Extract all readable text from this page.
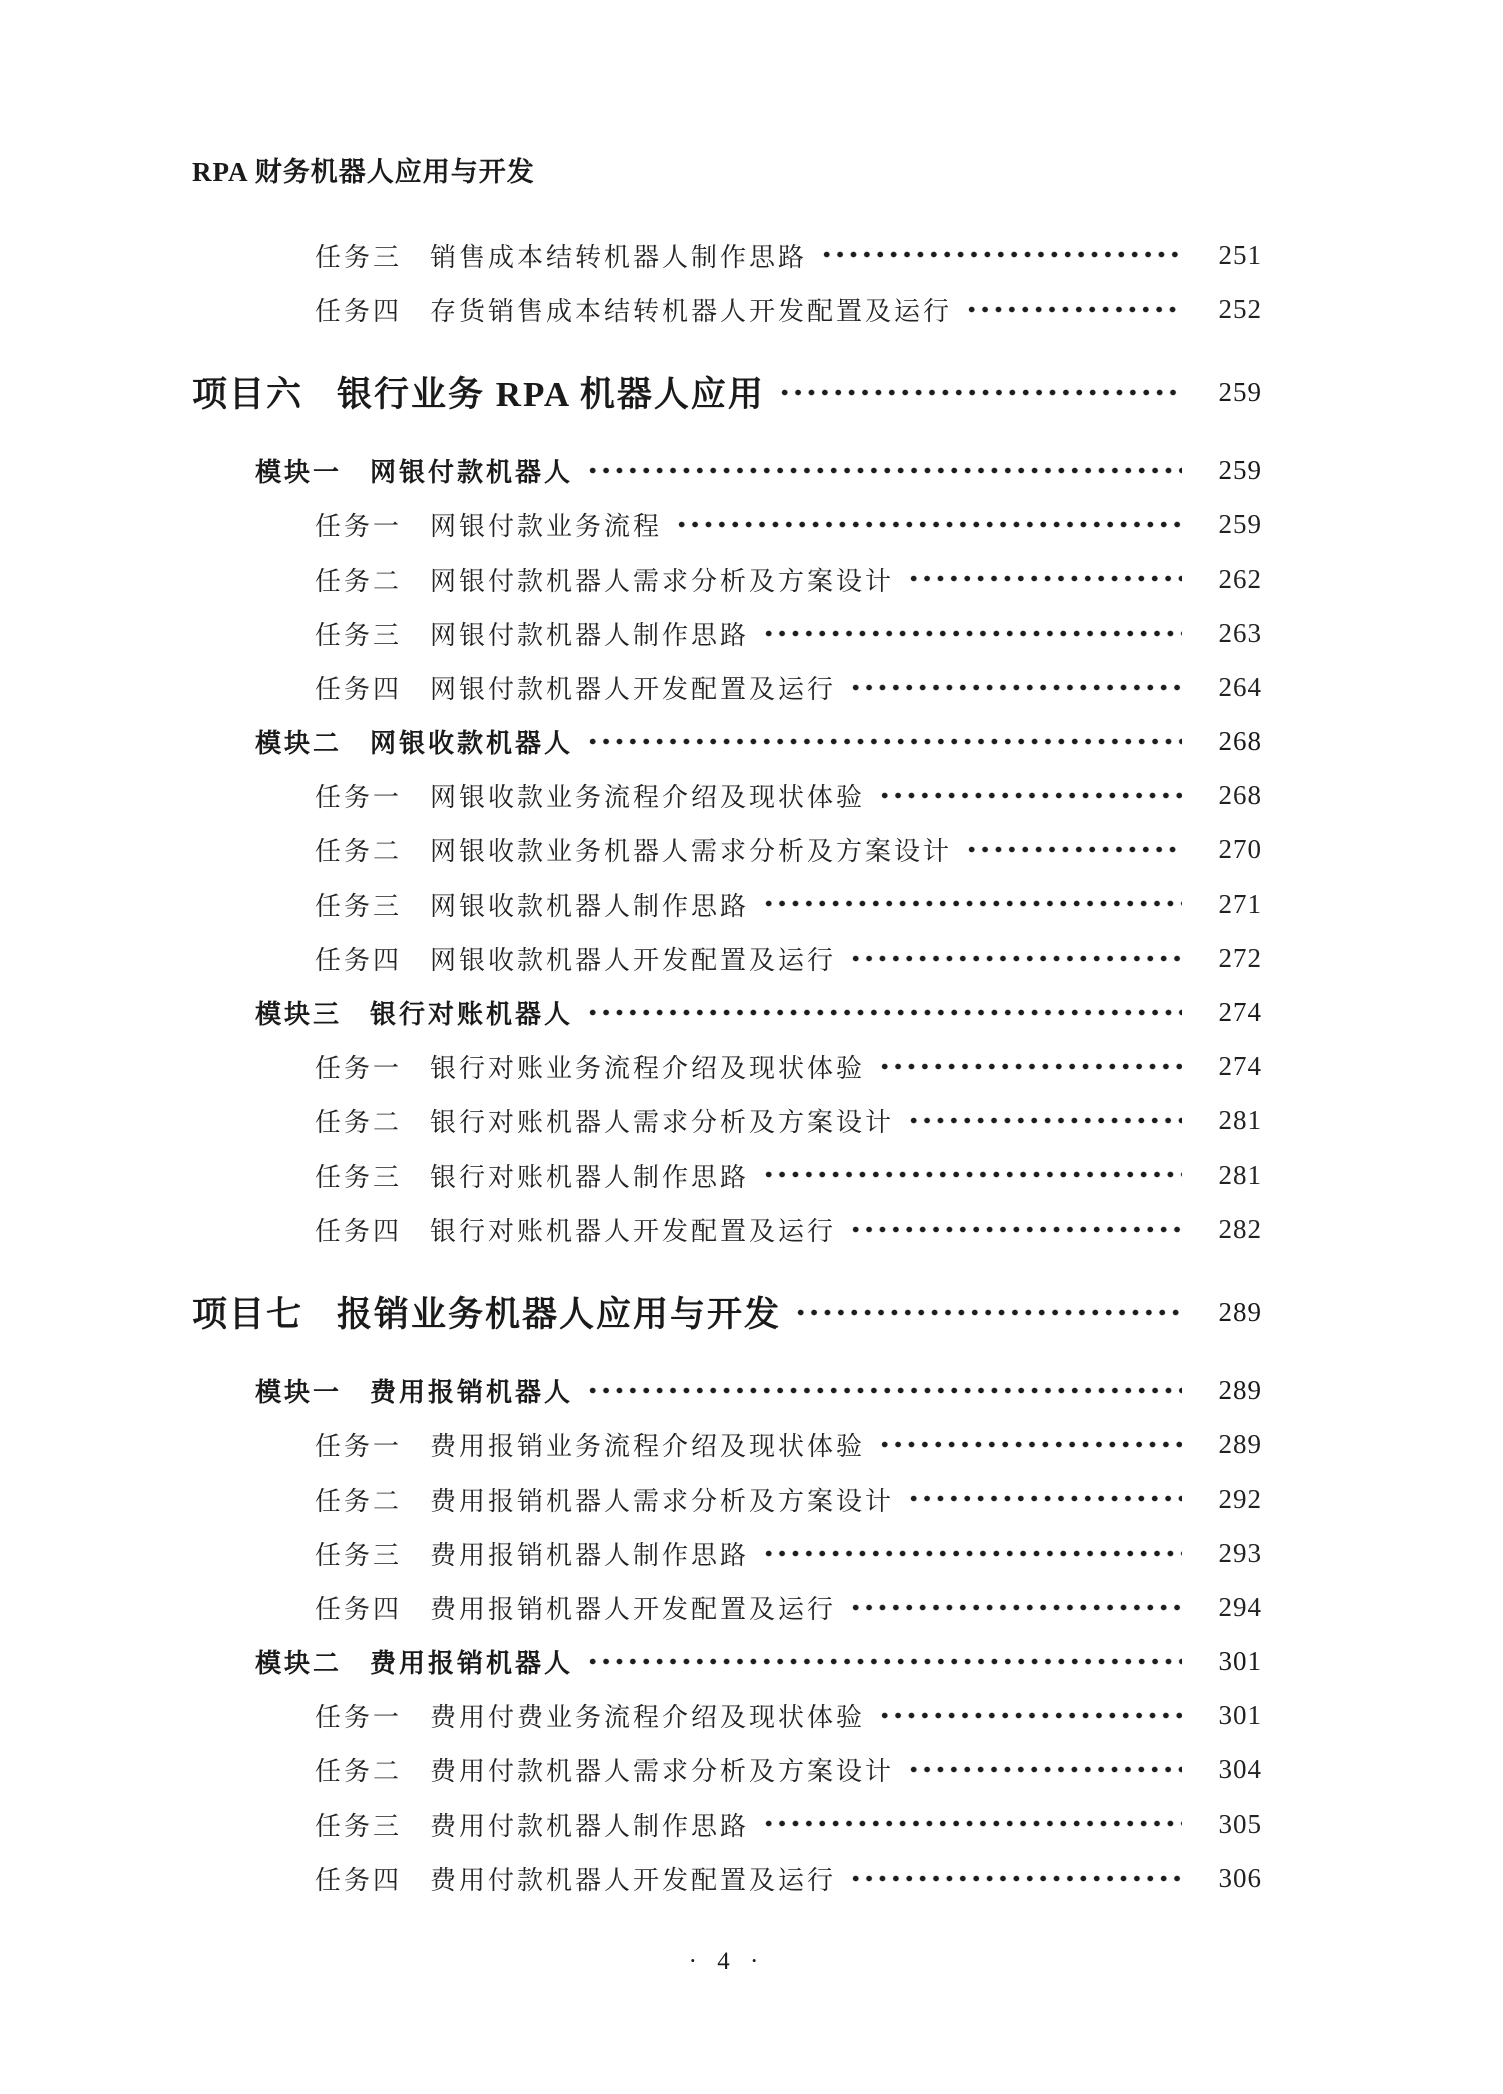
RPA 财务机器人应用与开发
任务三 销售成本结转机器人制作思路	251
任务四 存货销售成本结转机器人开发配置及运行	252
项目六 银行业务 RPA 机器人应用	259
模块一 网银付款机器人	259
任务一 网银付款业务流程	259
任务二 网银付款机器人需求分析及方案设计	262
任务三 网银付款机器人制作思路	263
任务四 网银付款机器人开发配置及运行	264
模块二 网银收款机器人	268
任务一 网银收款业务流程介绍及现状体验	268
任务二 网银收款业务机器人需求分析及方案设计	270
任务三 网银收款机器人制作思路	271
任务四 网银收款机器人开发配置及运行	272
模块三 银行对账机器人	274
任务一 银行对账业务流程介绍及现状体验	274
任务二 银行对账机器人需求分析及方案设计	281
任务三 银行对账机器人制作思路	281
任务四 银行对账机器人开发配置及运行	282
项目七 报销业务机器人应用与开发	289
模块一 费用报销机器人	289
任务一 费用报销业务流程介绍及现状体验	289
任务二 费用报销机器人需求分析及方案设计	292
任务三 费用报销机器人制作思路	293
任务四 费用报销机器人开发配置及运行	294
模块二 费用报销机器人	301
任务一 费用付费业务流程介绍及现状体验	301
任务二 费用付款机器人需求分析及方案设计	304
任务三 费用付款机器人制作思路	305
任务四 费用付款机器人开发配置及运行	306
· 4 ·
